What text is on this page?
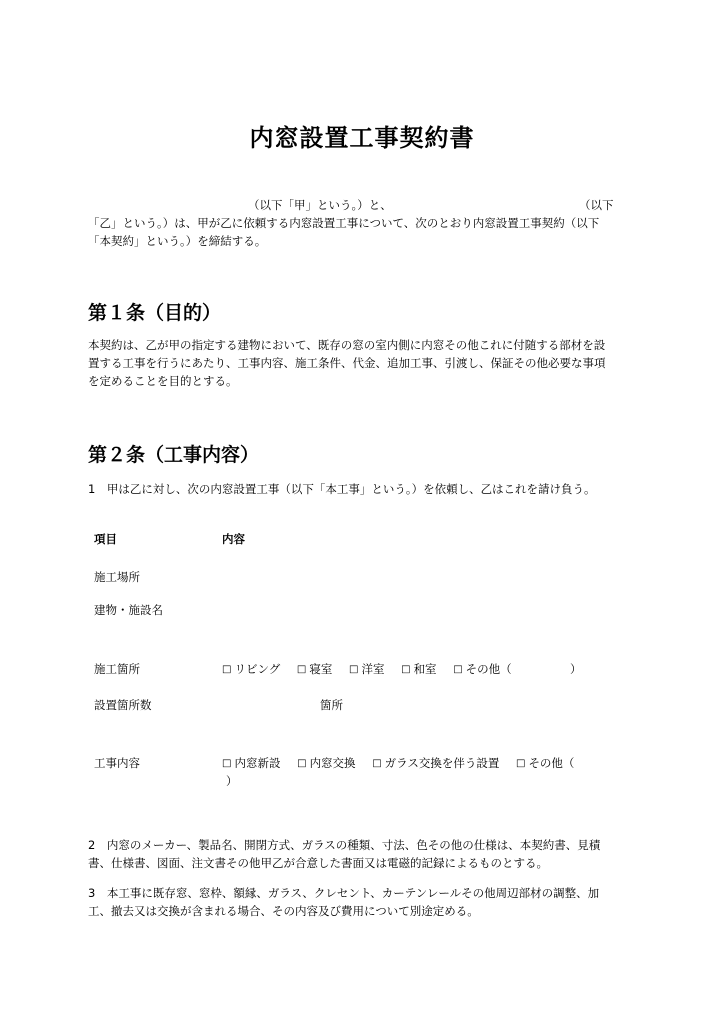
内窓設置工事契約書
（以下「甲」という。）と、	（以下
「乙」という。）は、甲が乙に依頼する内窓設置工事について、次のとおり内窓設置工事契約（以下
「本契約」という。）を締結する。
第１条（目的）
本契約は、乙が甲の指定する建物において、既存の窓の室内側に内窓その他これに付随する部材を設
置する工事を行うにあたり、工事内容、施工条件、代金、追加工事、引渡し、保証その他必要な事項
を定めることを目的とする。
第２条（工事内容）
1　甲は乙に対し、次の内窓設置工事（以下「本工事」という。）を依頼し、乙はこれを請け負う。
項目	内容
施工場所
建物・施設名
施工箇所	□ リビング □ 寝室 □ 洋室 □ 和室 □ その他（	）
設置箇所数	箇所
工事内容	□ 内窓新設 □ 内窓交換 □ ガラス交換を伴う設置 □ その他（
）
2　内窓のメーカー、製品名、開閉方式、ガラスの種類、寸法、色その他の仕様は、本契約書、見積
書、仕様書、図面、注文書その他甲乙が合意した書面又は電磁的記録によるものとする。
3　本工事に既存窓、窓枠、額縁、ガラス、クレセント、カーテンレールその他周辺部材の調整、加
工、撤去又は交換が含まれる場合、その内容及び費用について別途定める。
